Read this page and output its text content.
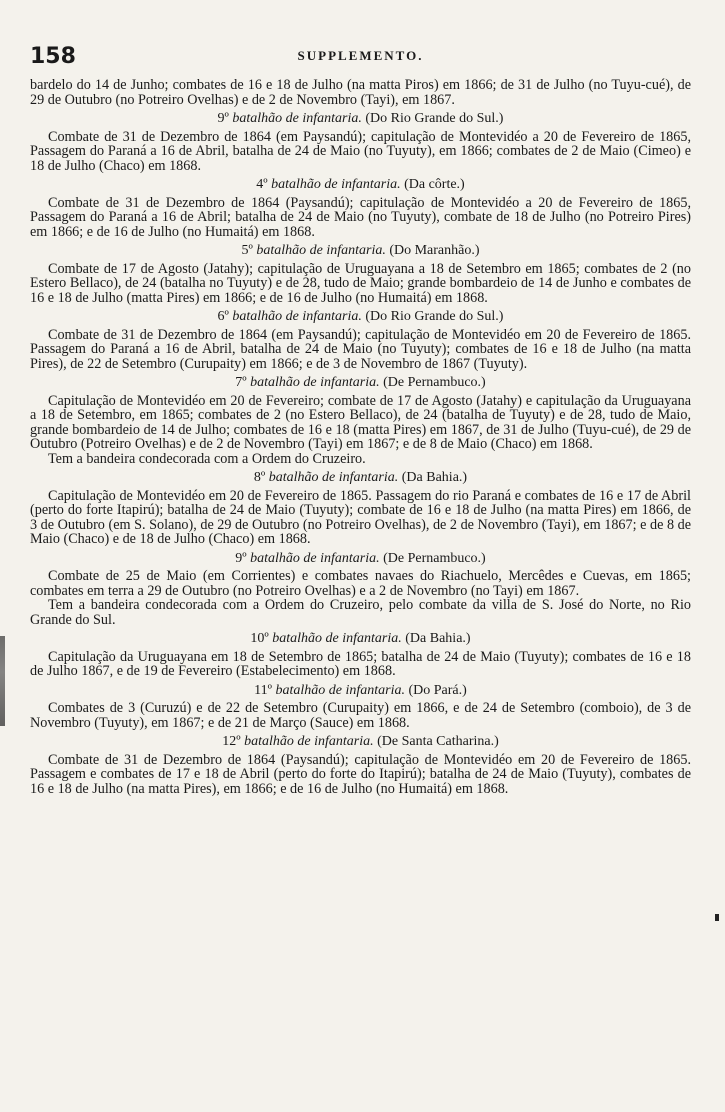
158	SUPPLEMENTO.

bardelo do 14 de Junho; combates de 16 e 18 de Julho (na matta Piros) em 1866; de 31 de Julho (no Tuyu-cué), de 29 de Outubro (no Potreiro Ovelhas) e de 2 de Novembro (Tayi), em 1867.

9º batalhão de infantaria. (Do Rio Grande do Sul.)

Combate de 31 de Dezembro de 1864 (em Paysandú); capitulação de Montevidéo a 20 de Fevereiro de 1865, Passagem do Paraná a 16 de Abril, batalha de 24 de Maio (no Tuyuty), em 1866; combates de 2 de Maio (Cimeo) e 18 de Julho (Chaco) em 1868.

4º batalhão de infantaria. (Da côrte.)

Combate de 31 de Dezembro de 1864 (Paysandú); capitulação de Montevidéo a 20 de Fevereiro de 1865, Passagem do Paraná a 16 de Abril; batalha de 24 de Maio (no Tuyuty), combate de 18 de Julho (no Potreiro Pires) em 1866; e de 16 de Julho (no Humaitá) em 1868.

5º batalhão de infantaria. (Do Maranhão.)

Combate de 17 de Agosto (Jatahy); capitulação de Uruguayana a 18 de Setembro em 1865; combates de 2 (no Estero Bellaco), de 24 (batalha no Tuyuty) e de 28, tudo de Maio; grande bombardeio de 14 de Junho e combates de 16 e 18 de Julho (matta Pires) em 1866; e de 16 de Julho (no Humaitá) em 1868.

6º batalhão de infantaria. (Do Rio Grande do Sul.)

Combate de 31 de Dezembro de 1864 (em Paysandú); capitulação de Montevidéo em 20 de Fevereiro de 1865. Passagem do Paraná a 16 de Abril, batalha de 24 de Maio (no Tuyuty); combates de 16 e 18 de Julho (na matta Pires), de 22 de Setembro (Curupaity) em 1866; e de 3 de Novembro de 1867 (Tuyuty).

7º batalhão de infantaria. (De Pernambuco.)

Capitulação de Montevidéo em 20 de Fevereiro; combate de 17 de Agosto (Jatahy) e capitulação da Uruguayana a 18 de Setembro, em 1865; combates de 2 (no Estero Bellaco), de 24 (batalha de Tuyuty) e de 28, tudo de Maio, grande bombardeio de 14 de Julho; combates de 16 e 18 (matta Pires) em 1867, de 31 de Julho (Tuyu-cué), de 29 de Outubro (Potreiro Ovelhas) e de 2 de Novembro (Tayi) em 1867; e de 8 de Maio (Chaco) em 1868.

Tem a bandeira condecorada com a Ordem do Cruzeiro.

8º batalhão de infantaria. (Da Bahia.)

Capitulação de Montevidéo em 20 de Fevereiro de 1865. Passagem do rio Paraná e combates de 16 e 17 de Abril (perto do forte Itapirú); batalha de 24 de Maio (Tuyuty); combate de 16 e 18 de Julho (na matta Pires) em 1866, de 3 de Outubro (em S. Solano), de 29 de Outubro (no Potreiro Ovelhas), de 2 de Novembro (Tayi), em 1867; e de 8 de Maio (Chaco) e de 18 de Julho (Chaco) em 1868.

9º batalhão de infantaria. (De Pernambuco.)

Combate de 25 de Maio (em Corrientes) e combates navaes do Riachuelo, Mercêdes e Cuevas, em 1865; combates em terra a 29 de Outubro (no Potreiro Ovelhas) e a 2 de Novembro (no Tayi) em 1867.

Tem a bandeira condecorada com a Ordem do Cruzeiro, pelo combate da villa de S. José do Norte, no Rio Grande do Sul.

10º batalhão de infantaria. (Da Bahia.)

Capitulação da Uruguayana em 18 de Setembro de 1865; batalha de 24 de Maio (Tuyuty); combates de 16 e 18 de Julho 1867, e de 19 de Fevereiro (Estabelecimento) em 1868.

11º batalhão de infantaria. (Do Pará.)

Combates de 3 (Curuzú) e de 22 de Setembro (Curupaity) em 1866, e de 24 de Setembro (comboio), de 3 de Novembro (Tuyuty), em 1867; e de 21 de Março (Sauce) em 1868.

12º batalhão de infantaria. (De Santa Catharina.)

Combate de 31 de Dezembro de 1864 (Paysandú); capitulação de Montevidéo em 20 de Fevereiro de 1865. Passagem e combates de 17 e 18 de Abril (perto do forte do Itapirú); batalha de 24 de Maio (Tuyuty), combates de 16 e 18 de Julho (na matta Pires), em 1866; e de 16 de Julho (no Humaitá) em 1868.
